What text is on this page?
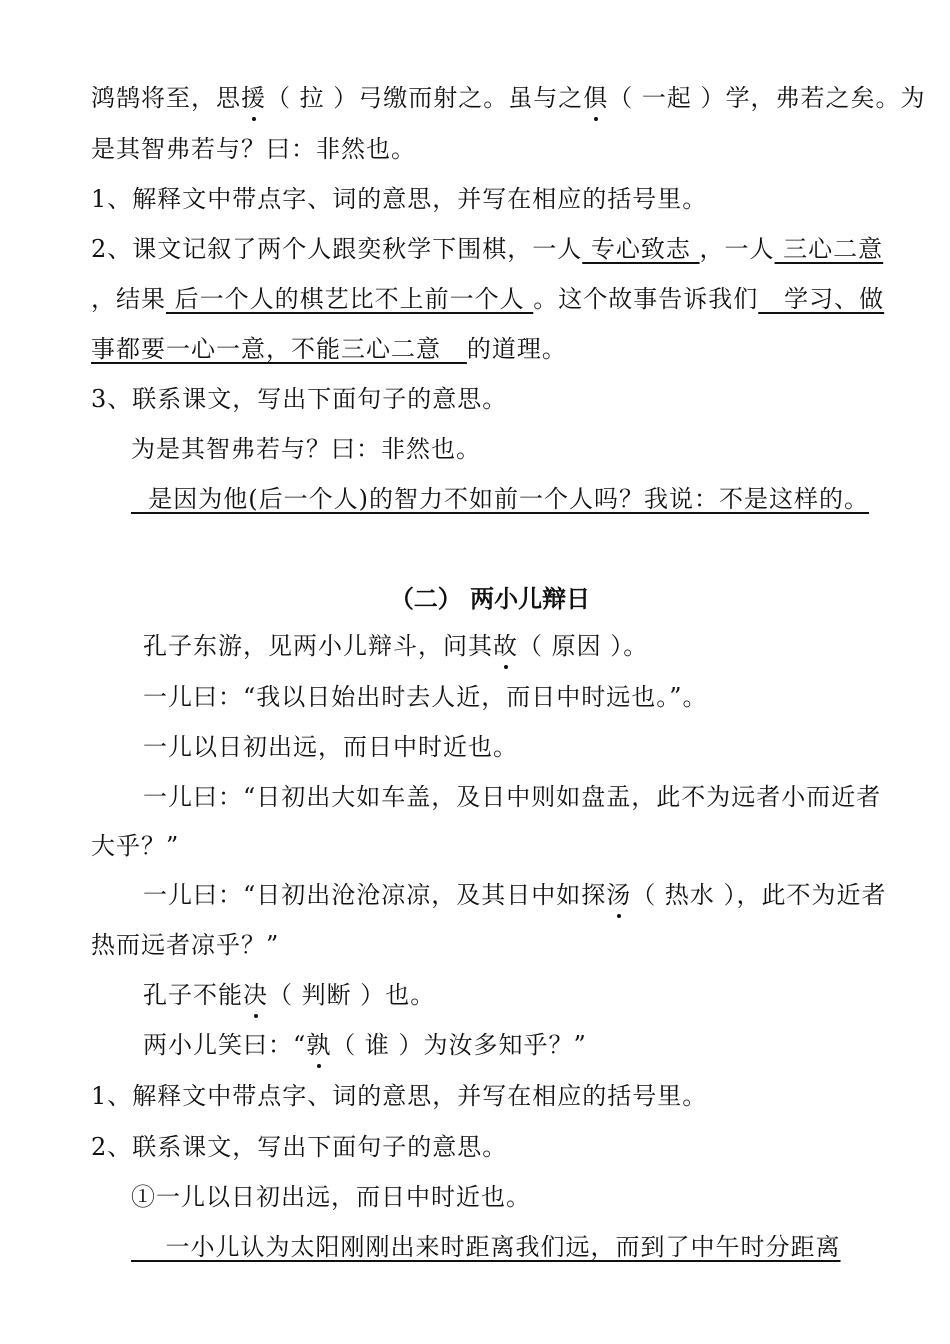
鸿鹄将至，思援（ 拉 ）弓缴而射之。虽与之俱（ 一起 ）学，弗若之矣。为
是其智弗若与？曰：非然也。
1、解释文中带点字、词的意思，并写在相应的括号里。
2、课文记叙了两个人跟奕秋学下围棋，一人 专心致志 ，一人 三心二意
，结果 后一个人的棋艺比不上前一个人 。这个故事告诉我们   学习、做
事都要一心一意，不能三心二意   的道理。
3、联系课文，写出下面句子的意思。
为是其智弗若与？曰：非然也。
是因为他(后一个人)的智力不如前一个人吗？我说：不是这样的。
（二） 两小儿辩日
孔子东游，见两小儿辩斗，问其故（ 原因 ）。
一儿曰：“我以日始出时去人近，而日中时远也。”。
一儿以日初出远，而日中时近也。
一儿曰：“日初出大如车盖，及日中则如盘盂，此不为远者小而近者
大乎？”
一儿曰：“日初出沧沧凉凉，及其日中如探汤（ 热水 ），此不为近者
热而远者凉乎？”
孔子不能决（ 判断 ）也。
两小儿笑曰：“孰（ 谁 ）为汝多知乎？”
1、解释文中带点字、词的意思，并写在相应的括号里。
2、联系课文，写出下面句子的意思。
①一儿以日初出远，而日中时近也。
一小儿认为太阳刚刚出来时距离我们远，而到了中午时分距离
